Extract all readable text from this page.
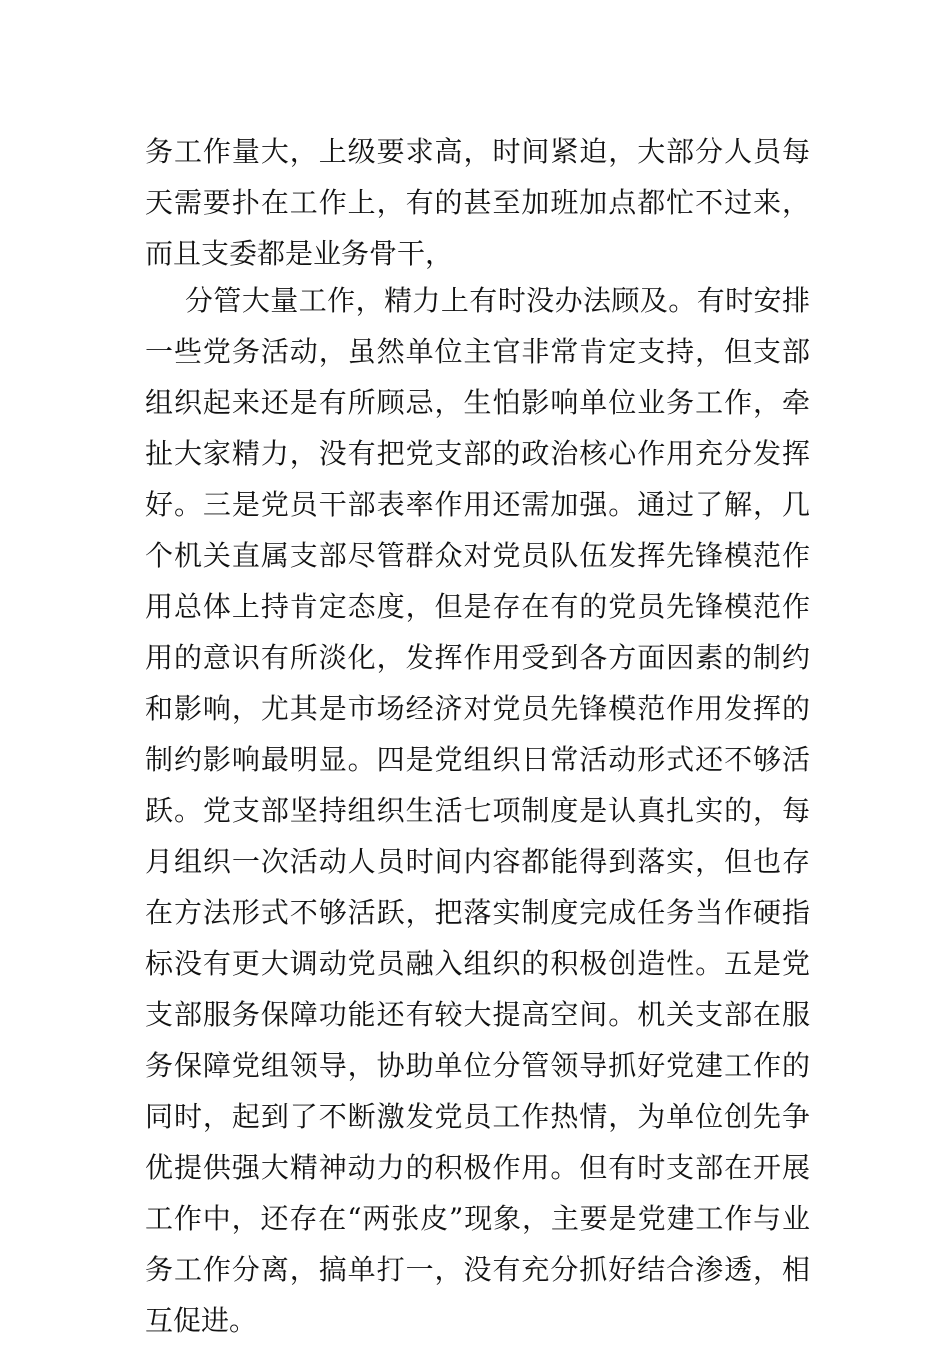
务工作量大，上级要求高，时间紧迫，大部分人员每天需要扑在工作上，有的甚至加班加点都忙不过来，而且支委都是业务骨干，

分管大量工作，精力上有时没办法顾及。有时安排一些党务活动，虽然单位主官非常肯定支持，但支部组织起来还是有所顾忌，生怕影响单位业务工作，牵扯大家精力，没有把党支部的政治核心作用充分发挥好。三是党员干部表率作用还需加强。通过了解，几个机关直属支部尽管群众对党员队伍发挥先锋模范作用总体上持肯定态度，但是存在有的党员先锋模范作用的意识有所淡化，发挥作用受到各方面因素的制约和影响，尤其是市场经济对党员先锋模范作用发挥的制约影响最明显。四是党组织日常活动形式还不够活跃。党支部坚持组织生活七项制度是认真扎实的，每月组织一次活动人员时间内容都能得到落实，但也存在方法形式不够活跃，把落实制度完成任务当作硬指标没有更大调动党员融入组织的积极创造性。五是党支部服务保障功能还有较大提高空间。机关支部在服务保障党组领导，协助单位分管领导抓好党建工作的同时，起到了不断激发党员工作热情，为单位创先争优提供强大精神动力的积极作用。但有时支部在开展工作中，还存在“两张皮”现象，主要是党建工作与业务工作分离，搞单打一，没有充分抓好结合渗透，相互促进。
